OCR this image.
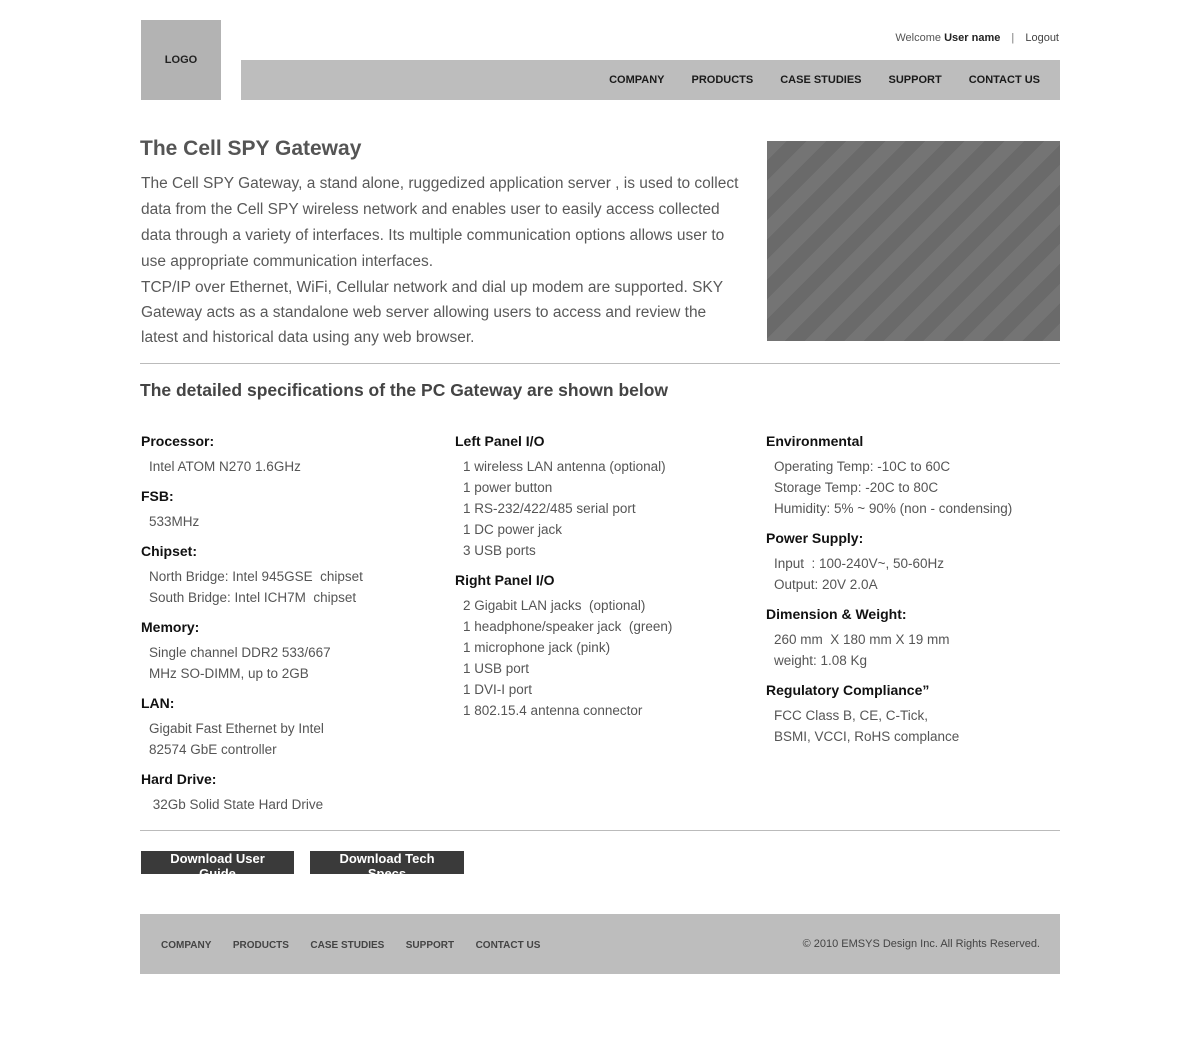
LOGO
Welcome User name | Logout
COMPANY PRODUCTS CASE STUDIES SUPPORT CONTACT US
The Cell SPY Gateway

The Cell SPY Gateway, a stand alone, ruggedized application server , is used to collect data from the Cell SPY wireless network and enables user to easily access collected data through a variety of interfaces. Its multiple communication options allows user to use appropriate communication interfaces.

TCP/IP over Ethernet, WiFi, Cellular network and dial up modem are supported. SKY Gateway acts as a standalone web server allowing users to access and review the latest and historical data using any web browser.

The detailed specifications of the PC Gateway are shown below
Processor:
Intel ATOM N270 1.6GHz
FSB:
533MHz
Chipset:
North Bridge: Intel 945GSE  chipset
South Bridge: Intel ICH7M  chipset
Memory:
Single channel DDR2 533/667
MHz SO-DIMM, up to 2GB
LAN:
Gigabit Fast Ethernet by Intel
82574 GbE controller
Hard Drive:
32Gb Solid State Hard Drive
Left Panel I/O
1 wireless LAN antenna (optional)
1 power button
1 RS-232/422/485 serial port
1 DC power jack
3 USB ports
Right Panel I/O
2 Gigabit LAN jacks  (optional)
1 headphone/speaker jack  (green)
1 microphone jack (pink)
1 USB port
1 DVI-I port
1 802.15.4 antenna connector
Environmental
Operating Temp: -10C to 60C
Storage Temp: -20C to 80C
Humidity: 5% ~ 90% (non - condensing)
Power Supply:
Input  : 100-240V~, 50-60Hz
Output: 20V 2.0A
Dimension & Weight:
260 mm  X 180 mm X 19 mm
weight: 1.08 Kg
Regulatory Compliance”
FCC Class B, CE, C-Tick,
BSMI, VCCI, RoHS complance
Download User Guide
Download Tech Specs
COMPANY PRODUCTS CASE STUDIES SUPPORT CONTACT US	© 2010 EMSYS Design Inc. All Rights Reserved.
